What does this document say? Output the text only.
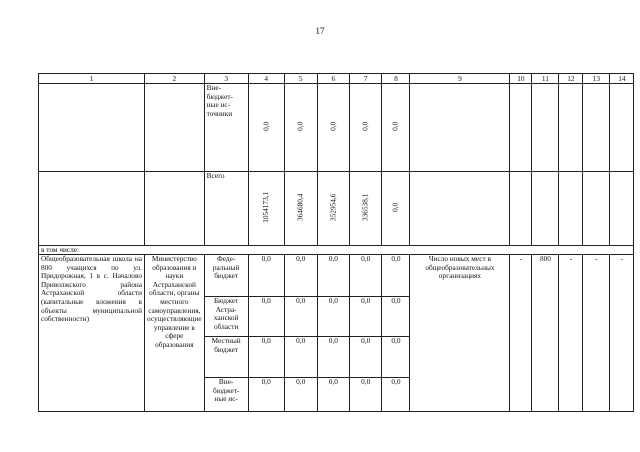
17
1	2	3	4	5	6	7	8	9	10	11	12	13	14
		Вне-
бюджет-
ные ис-
точники	0,0	0,0	0,0	0,0	0,0						

		Всего	1054173,1	364680,4	352954,6	336538,1	0,0						

в том числе:													
Общеобразовательная школа на 800 учащихся по ул. Придорожная, 1 в с. Началово Приволжского района Астраханской области (капитальные вложения в объекты муниципальной собственности)	Министерство образования и науки Астраханской области, органы местного самоуправления, осуществляющие управление в сфере образования	Феде-
ральный
бюджет	0,0	0,0	0,0	0,0	0,0	Число новых мест в общеобразовательных организациях	-	800	-	-	-
		Бюджет
Астра-
ханской
области	0,0	0,0	0,0	0,0	0,0						
		Местный
бюджет	0,0	0,0	0,0	0,0	0,0						
		Вне-
бюджет-
ные ис-	0,0	0,0	0,0	0,0	0,0						
